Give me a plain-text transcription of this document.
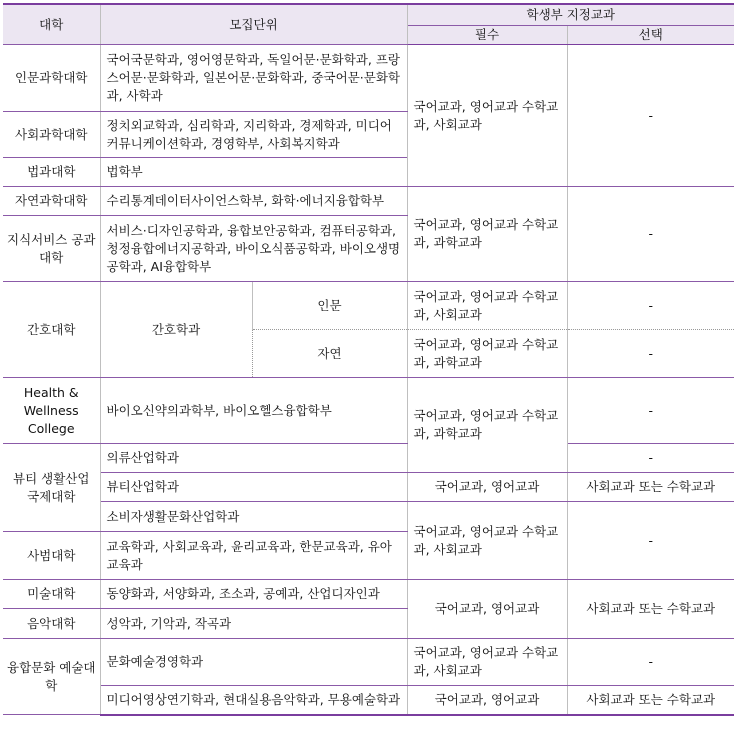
대학	모집단위		학생부 지정교과	
			필수	선택
인문과학대학	국어국문학과, 영어영문학과, 독일어문·문화학과, 프랑스어문·문화학과, 일본어문·문화학과, 중국어문·문화학과, 사학과		국어교과, 영어교과 수학교과, 사회교과	-
사회과학대학	정치외교학과, 심리학과, 지리학과, 경제학과, 미디어커뮤니케이션학과, 경영학부, 사회복지학과			
법과대학	법학부			
자연과학대학	수리통계데이터사이언스학부, 화학·에너지융합학부		국어교과, 영어교과 수학교과, 과학교과	-
지식서비스 공과대학	서비스·디자인공학과, 융합보안공학과, 컴퓨터공학과, 청정융합에너지공학과, 바이오식품공학과, 바이오생명공학과, AI융합학부			
간호대학	간호학과	인문	국어교과, 영어교과 수학교과, 사회교과	-
		자연	국어교과, 영어교과 수학교과, 과학교과	-
Health & Wellness College	바이오신약의과학부, 바이오헬스융합학부		국어교과, 영어교과 수학교과, 과학교과	-
뷰티 생활산업 국제대학	의류산업학과			-
	뷰티산업학과		국어교과, 영어교과	사회교과 또는 수학교과
	소비자생활문화산업학과		국어교과, 영어교과 수학교과, 사회교과	-
사범대학	교육학과, 사회교육과, 윤리교육과, 한문교육과, 유아교육과			
미술대학	동양화과, 서양화과, 조소과, 공예과, 산업디자인과		국어교과, 영어교과	사회교과 또는 수학교과
음악대학	성악과, 기악과, 작곡과			
융합문화 예술대학	문화예술경영학과		국어교과, 영어교과 수학교과, 사회교과	-
	미디어영상연기학과, 현대실용음악학과, 무용예술학과		국어교과, 영어교과	사회교과 또는 수학교과
